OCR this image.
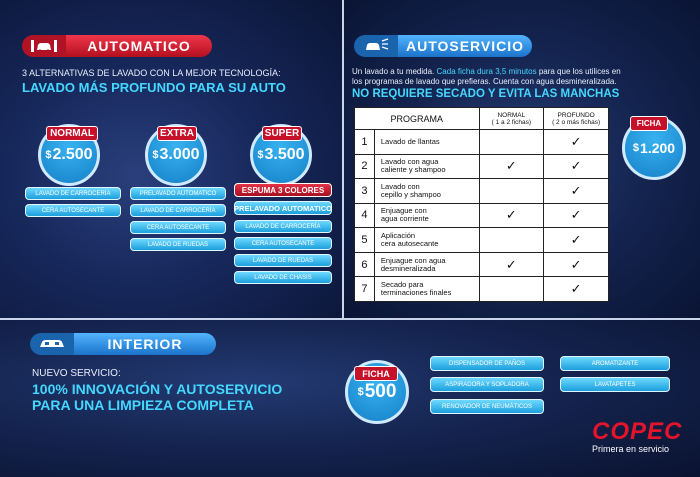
AUTOMATICO
3 ALTERNATIVAS DE LAVADO CON LA MEJOR TECNOLOGÍA:
LAVADO MÁS PROFUNDO PARA SU AUTO
$ 2.500
NORMAL
LAVADO DE CARROCERÍA
CERA AUTOSECANTE
$ 3.000
EXTRA
PRELAVADO AUTOMATICO
LAVADO DE CARROCERÍA
CERA AUTOSECANTE
LAVADO DE RUEDAS
$ 3.500
SUPER
ESPUMA 3 COLORES
PRELAVADO AUTOMATICO
LAVADO DE CARROCERÍA
CERA AUTOSECANTE
LAVADO DE RUEDAS
LAVADO DE CHASIS
AUTOSERVICIO
Un lavado a tu medida. Cada ficha dura 3,5 minutos para que los utilices en
los programas de lavado que prefieras. Cuenta con agua desmineralizada.
NO REQUIERE SECADO Y EVITA LAS MANCHAS
PROGRAMA		NORMAL
( 1 a 2 fichas)	PROFUNDO
( 2 o más fichas)
1	Lavado de llantas		✓
2	Lavado con agua
caliente y shampoo	✓	✓
3	Lavado con
cepillo y shampoo		✓
4	Enjuague con
agua corriente	✓	✓
5	Aplicación
cera autosecante		✓
6	Enjuague con agua
desmineralizada	✓	✓
7	Secado para
terminaciones finales		✓
$ 1.200
FICHA
INTERIOR
NUEVO SERVICIO:
100% INNOVACIÓN Y AUTOSERVICIO
PARA UNA LIMPIEZA COMPLETA
$ 500
FICHA
DISPENSADOR DE PAÑOS
ASPIRADORA Y SOPLADORA
RENOVADOR DE NEUMÁTICOS
AROMATIZANTE
LAVATAPETES
COPEC
Primera en servicio
